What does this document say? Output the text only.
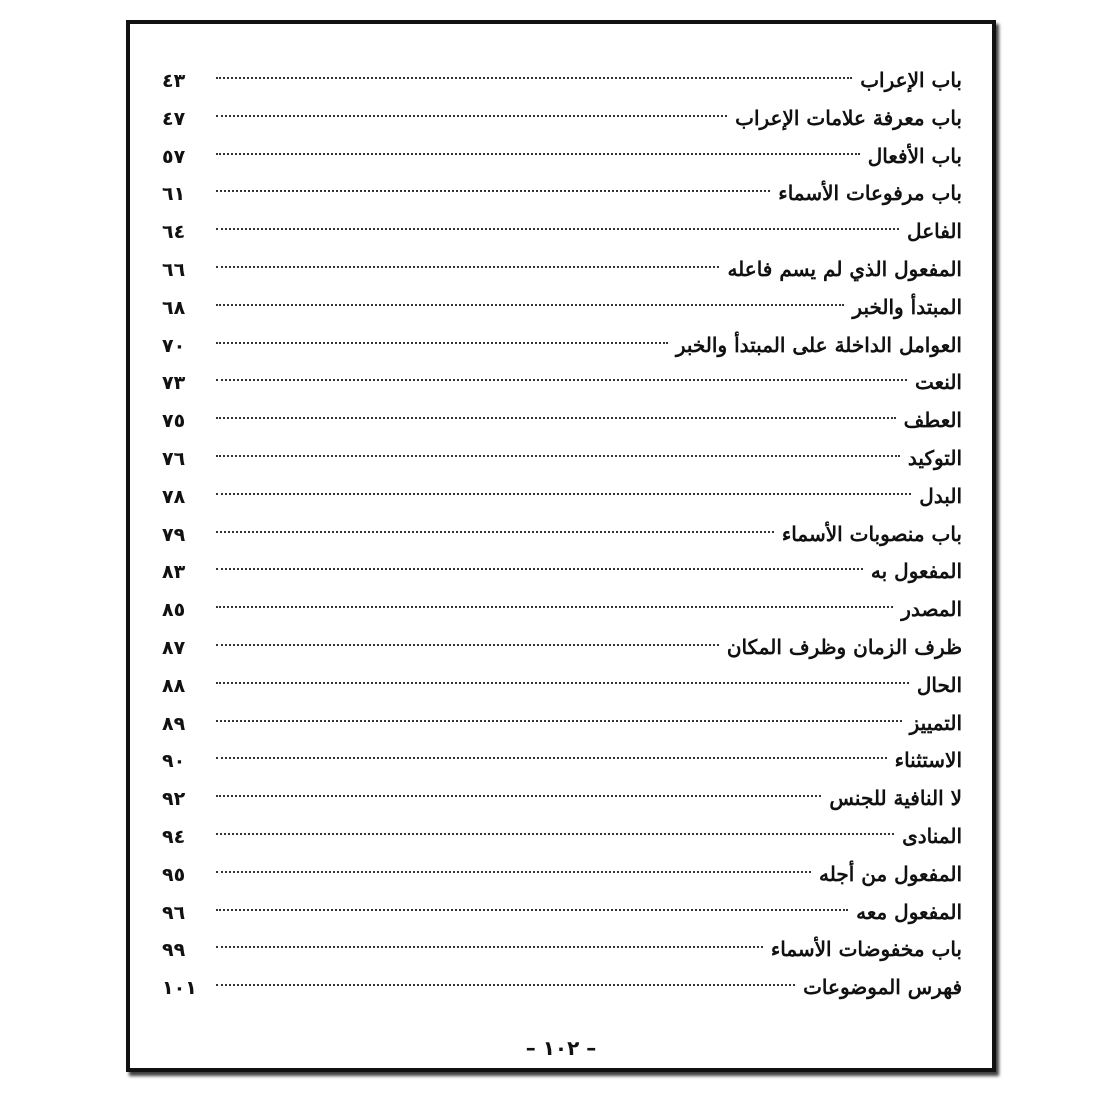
باب الإعراب
٤٣
باب معرفة علامات الإعراب
٤٧
باب الأفعال
٥٧
باب مرفوعات الأسماء
٦١
الفاعل
٦٤
المفعول الذي لم يسم فاعله
٦٦
المبتدأ والخبر
٦٨
العوامل الداخلة على المبتدأ والخبر
٧٠
النعت
٧٣
العطف
٧٥
التوكيد
٧٦
البدل
٧٨
باب منصوبات الأسماء
٧٩
المفعول به
٨٣
المصدر
٨٥
ظرف الزمان وظرف المكان
٨٧
الحال
٨٨
التمييز
٨٩
الاستثناء
٩٠
لا النافية للجنس
٩٢
المنادى
٩٤
المفعول من أجله
٩٥
المفعول معه
٩٦
باب مخفوضات الأسماء
٩٩
فهرس الموضوعات
١٠١
– ١٠٢ –
